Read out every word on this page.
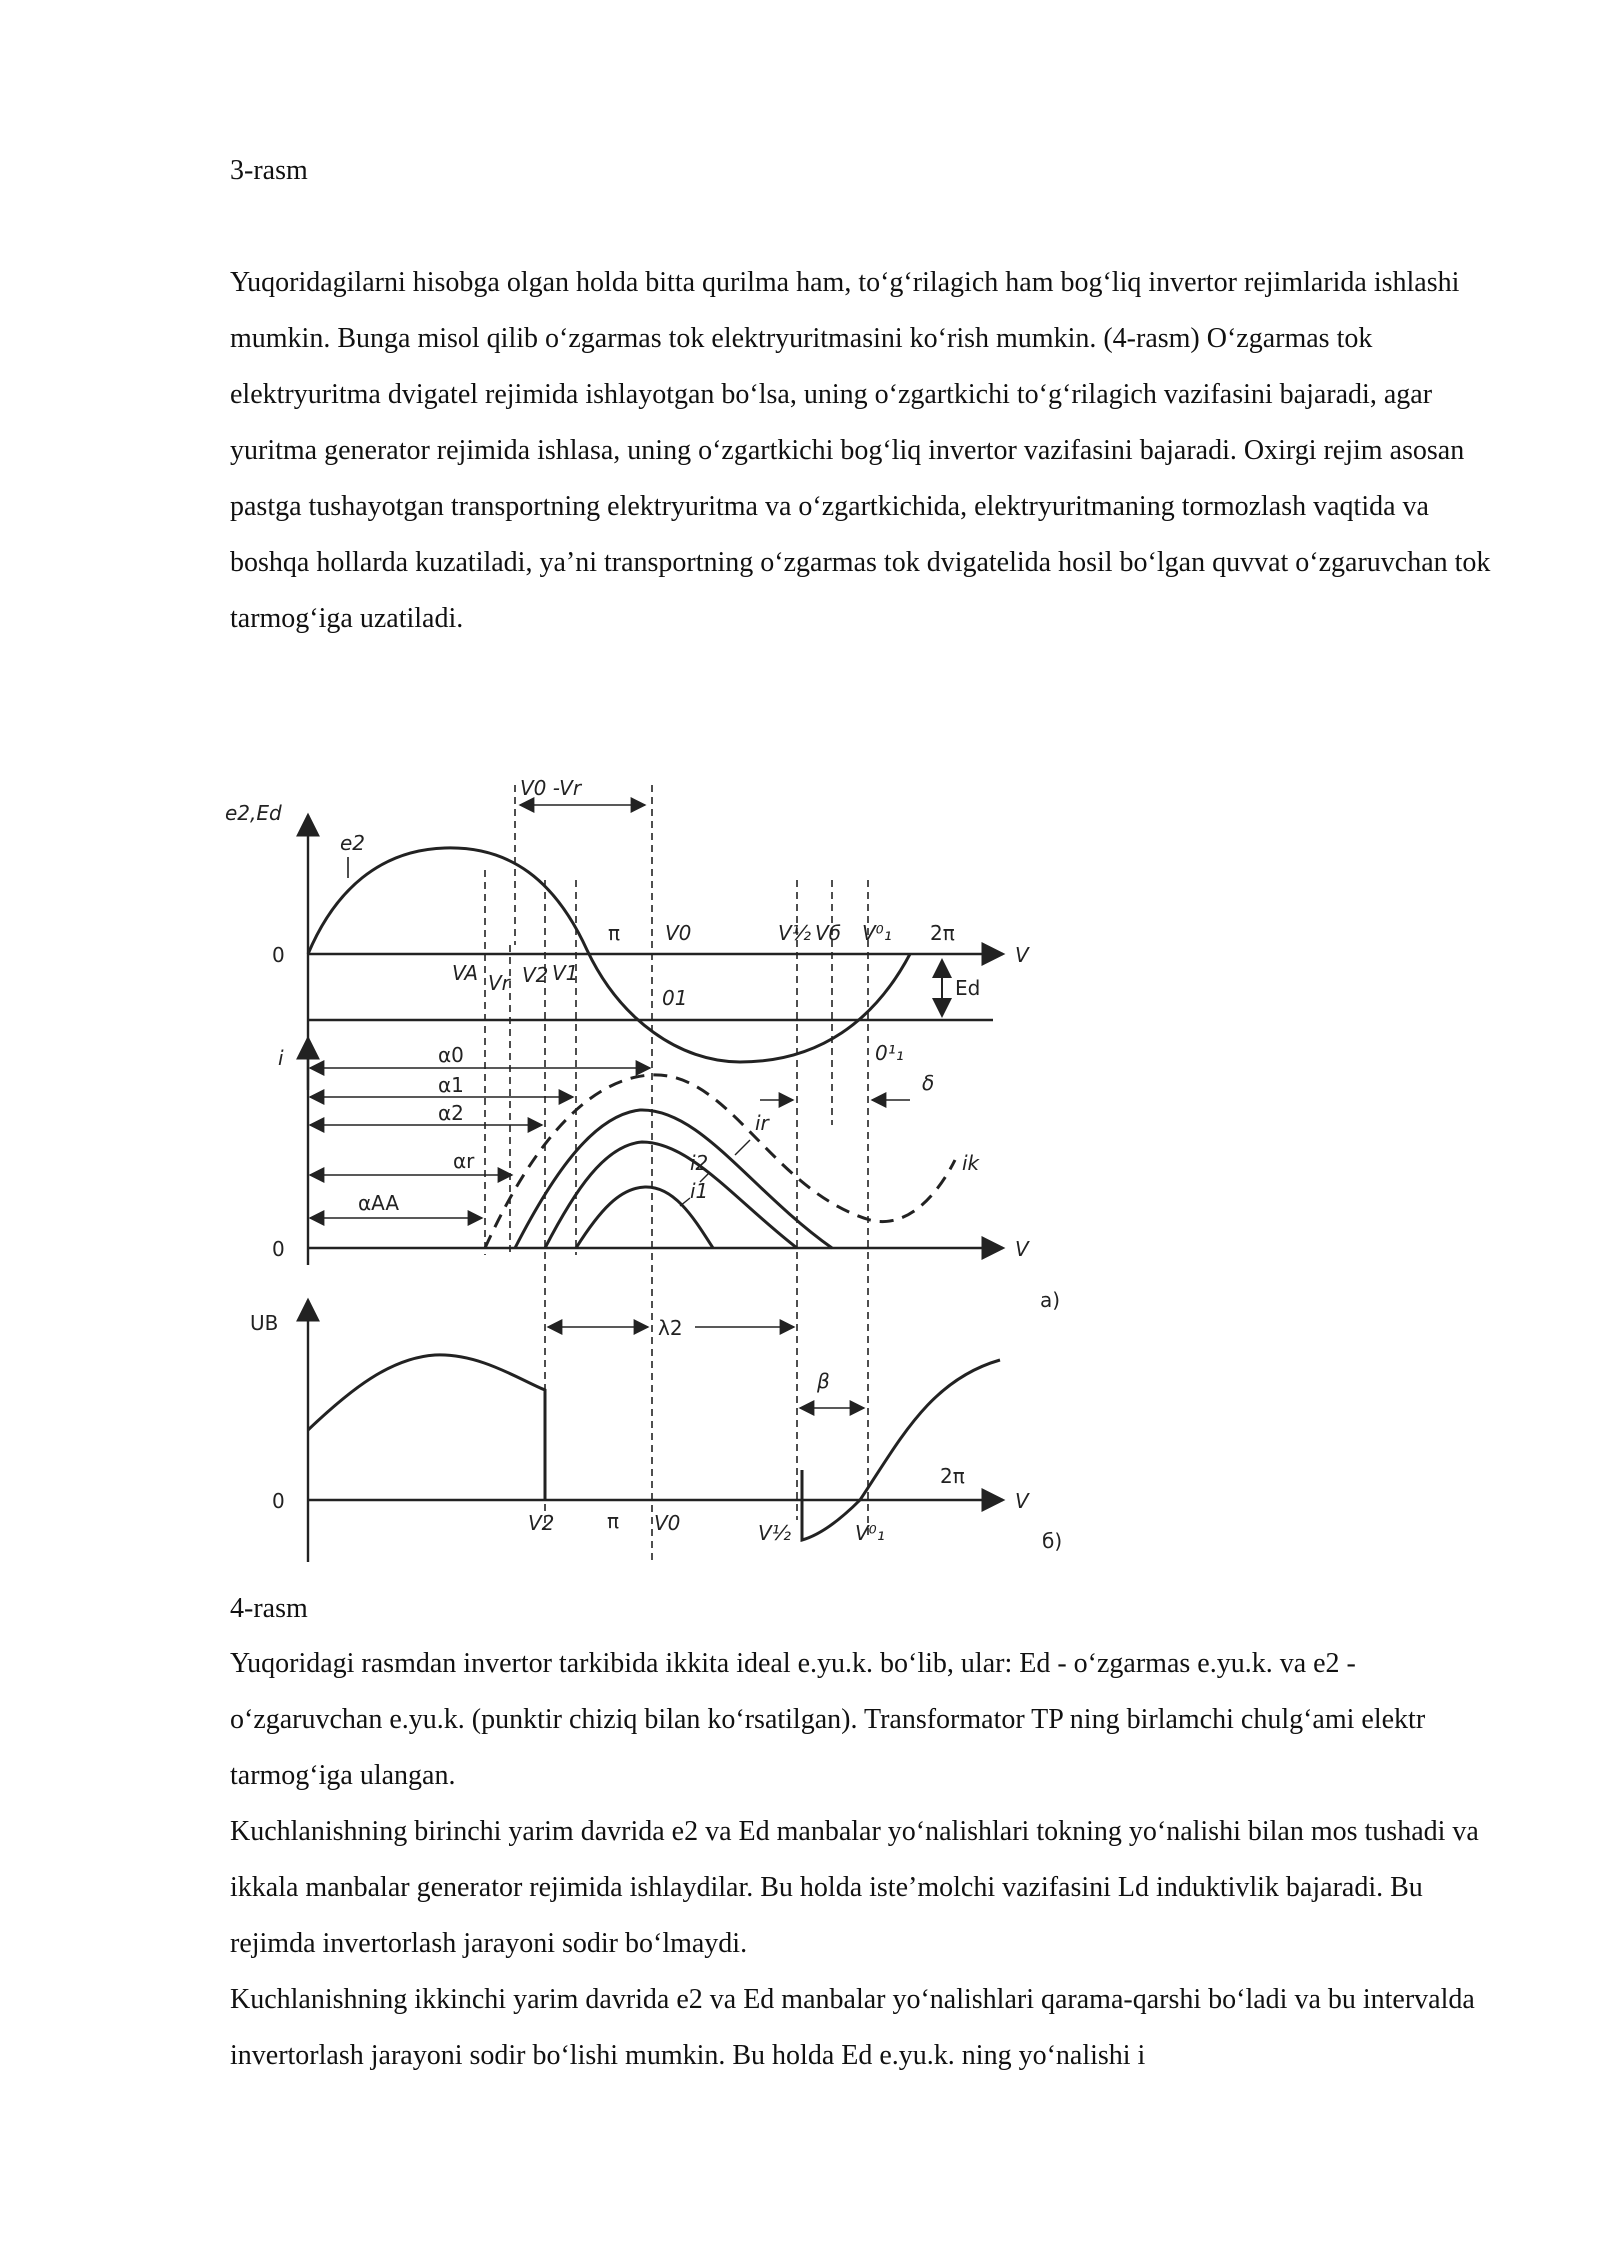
3-rasm

Yuqoridagilarni hisobga olgan holda bitta qurilma ham, to‘g‘rilagich ham bog‘liq invertor rejimlarida ishlashi mumkin. Bunga misol qilib o‘zgarmas tok elektryuritmasini ko‘rish mumkin. (4-rasm) O‘zgarmas tok elektryuritma dvigatel rejimida ishlayotgan bo‘lsa, uning o‘zgartkichi to‘g‘rilagich vazifasini bajaradi, agar yuritma generator rejimida ishlasa, uning o‘zgartkichi bog‘liq invertor vazifasini bajaradi. Oxirgi rejim asosan pastga tushayotgan transportning elektryuritma va o‘zgartkichida, elektryuritmaning tormozlash vaqtida va boshqa hollarda kuzatiladi, ya’ni transportning o‘zgarmas tok dvigatelida hosil bo‘lgan quvvat o‘zgaruvchan tok tarmog‘iga uzatiladi.

e2,Ed
e2
0	V
V0 -Vr
Ed
π V0	V½ Vб V⁰₁ 2π
VA Vr V2 V1
01
0¹₁
i
0	V
α0
α1
α2
αr
αAA
ir
i2
i1
ik
δ
a)
λ2
UB
β
0	V
2π
V2	π V0	V½	V⁰₁	б)
4-rasm

Yuqoridagi rasmdan invertor tarkibida ikkita ideal e.yu.k. bo‘lib, ular: Ed - o‘zgarmas e.yu.k. va e2 - o‘zgaruvchan e.yu.k. (punktir chiziq bilan ko‘rsatilgan). Transformator TP ning birlamchi chulg‘ami elektr tarmog‘iga ulangan.

Kuchlanishning birinchi yarim davrida e2 va Ed manbalar yo‘nalishlari tokning yo‘nalishi bilan mos tushadi va ikkala manbalar generator rejimida ishlaydilar. Bu holda iste’molchi vazifasini Ld induktivlik bajaradi. Bu rejimda invertorlash jarayoni sodir bo‘lmaydi.

Kuchlanishning ikkinchi yarim davrida e2 va Ed manbalar yo‘nalishlari qarama-qarshi bo‘ladi va bu intervalda invertorlash jarayoni sodir bo‘lishi mumkin. Bu holda Ed e.yu.k. ning yo‘nalishi i
